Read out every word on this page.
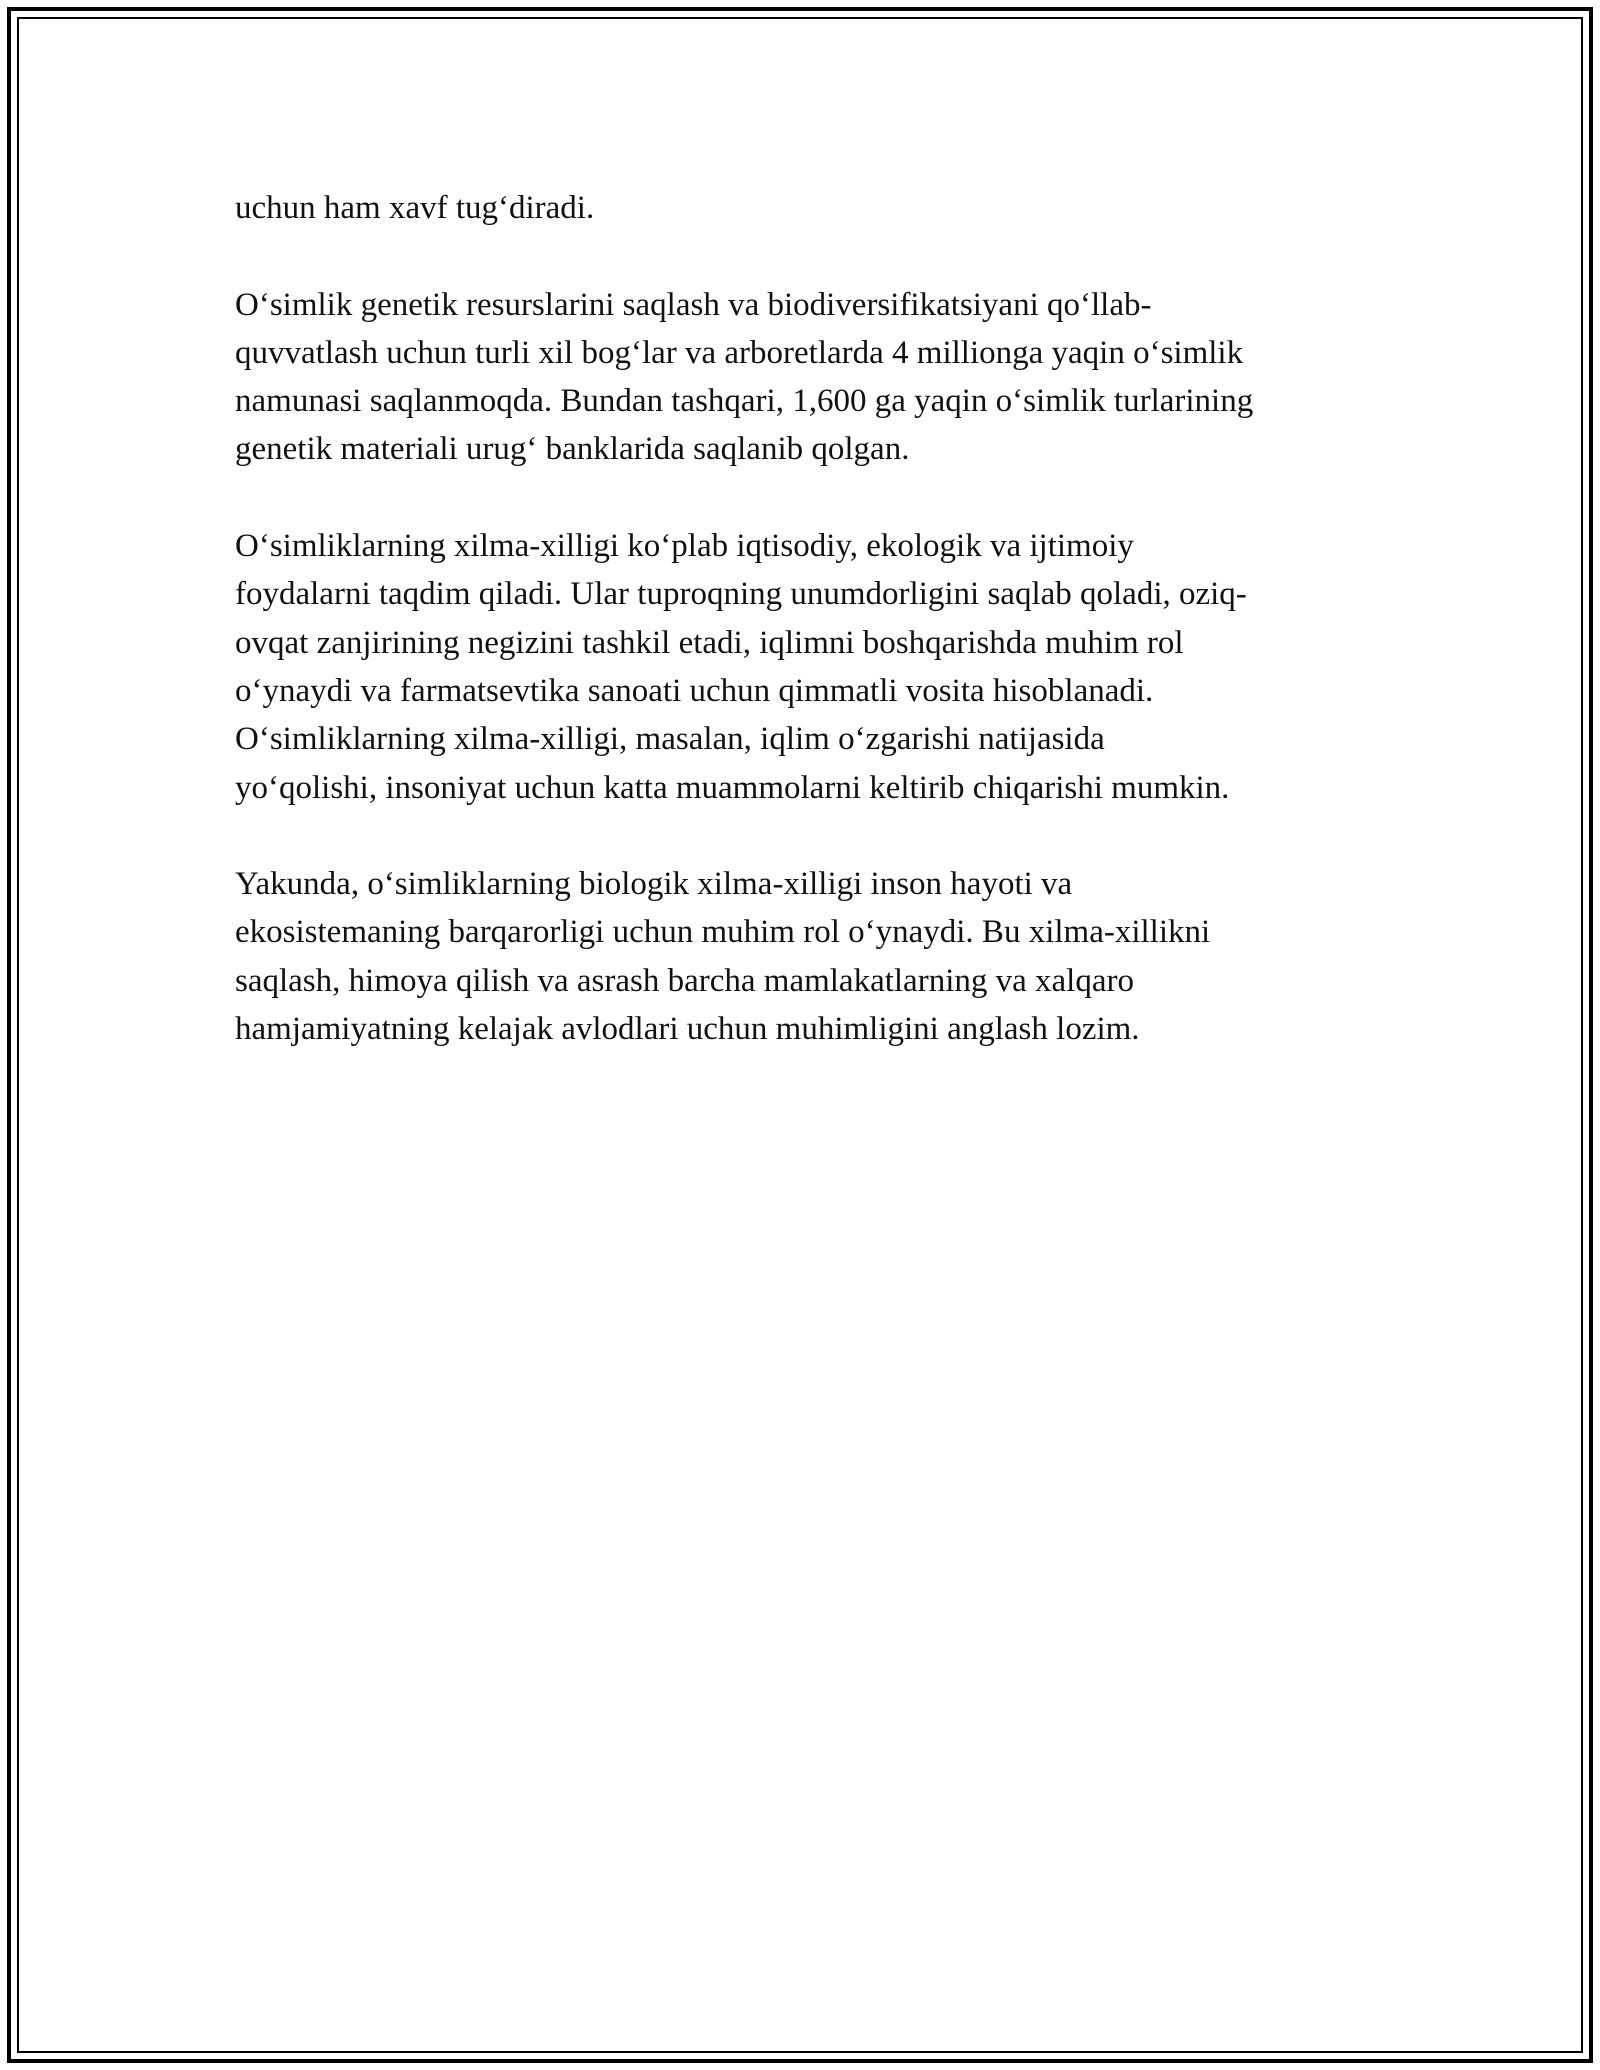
uchun ham xavf tug‘diradi.

O‘simlik genetik resurslarini saqlash va biodiversifikatsiyani qo‘llab-
quvvatlash uchun turli xil bog‘lar va arboretlarda 4 millionga yaqin o‘simlik
namunasi saqlanmoqda. Bundan tashqari, 1,600 ga yaqin o‘simlik turlarining
genetik materiali urug‘ banklarida saqlanib qolgan.

O‘simliklarning xilma-xilligi ko‘plab iqtisodiy, ekologik va ijtimoiy
foydalarni taqdim qiladi. Ular tuproqning unumdorligini saqlab qoladi, oziq-
ovqat zanjirining negizini tashkil etadi, iqlimni boshqarishda muhim rol
o‘ynaydi va farmatsevtika sanoati uchun qimmatli vosita hisoblanadi.
O‘simliklarning xilma-xilligi, masalan, iqlim o‘zgarishi natijasida
yo‘qolishi, insoniyat uchun katta muammolarni keltirib chiqarishi mumkin.

Yakunda, o‘simliklarning biologik xilma-xilligi inson hayoti va
ekosistemaning barqarorligi uchun muhim rol o‘ynaydi. Bu xilma-xillikni
saqlash, himoya qilish va asrash barcha mamlakatlarning va xalqaro
hamjamiyatning kelajak avlodlari uchun muhimligini anglash lozim.
